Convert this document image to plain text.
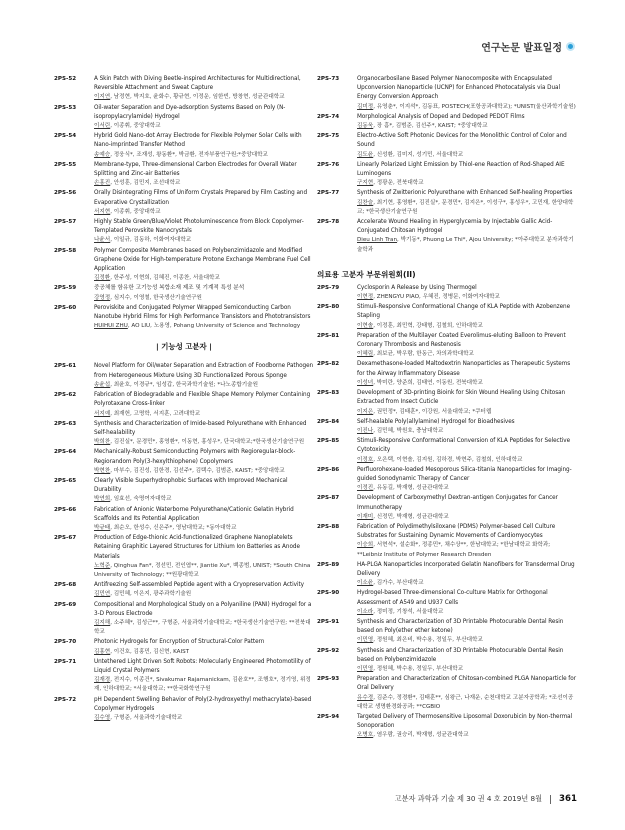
연구논문 발표일정
2PS-52	A Skin Patch with Diving Beetle-inspired Architectures for Multidirectional, Reversible Attachment and Sweat Capture
이지연, 남정현, 박지호, 윤화수, 황규현, 이정운, 임한빈, 방창현, 성균관대학교
2PS-53	Oil-water Separation and Dye-adsorption Systems Based on Poly (N-isopropylacrylamide) Hydrogel
이서린, 이종휘, 중앙대학교
2PS-54	Hybrid Gold Nano-dot Array Electrode for Flexible Polymer Solar Cells with Nano-imprinted Transfer Method
송예승, 정웅식*, 조재성, 왕동환*, 박금환, 전자부품연구원;*중앙대학교
2PS-55	Membrane-type, Three-dimensional Carbon Electrodes for Overall Water Splitting and Zinc-air Batteries
손홍진, 안성훈, 김민지, 조선대학교
2PS-56	Orally Disintegrating Films of Uniform Crystals Prepared by Film Casting and Evaporative Crystallization
서지현, 이종휘, 중앙대학교
2PS-57	Highly Stable Green/Blue/Violet Photoluminescence from Block Copolymer-Templated Perovskite Nanocrystals
나윤서, 이일규, 김동하, 이화여자대학교
2PS-58	Polymer Composite Membranes based on Polybenzimidazole and Modified Graphene Oxide for High-temperature Protone Exchange Membrane Fuel Cell Application
김정환, 한주성, 이현희, 김혜진, 이종찬, 서울대학교
2PS-59	중공체를 함유한 고기능성 복합소재 제조 및 기계적 특성 분석
강영정, 심지수, 이영철, 한국생산기술연구원
2PS-60	Peroviskite and Conjugated Polymer Wrapped Semiconducting Carbon Nanotube Hybrid Films for High Performance Transistors and Phototransistors
HUIHUI ZHU, AO LIU, 노용영, Pohang University of Science and Technology
| 기능성 고분자 |
2PS-61	Novel Platform for Oil/water Separation and Extraction of Foodborne Pathogen from Heterogeneous Mixture Using 3D Functionalized Porous Sponge
송윤섭, 최윤호, 이경규*, 임성갑, 한국과학기술원; *나노종합기술원
2PS-62	Fabrication of Biodegradable and Flexible Shape Memory Polymer Containing Polyrotaxane Cross-linker
서지예, 최재헌, 고명학, 서지훈, 고려대학교
2PS-63	Synthesis and Characterization of Imide-based Polyurethane with Enhanced Self-healability
박희찬, 김진실*, 문경민*, 홍영환*, 이동현, 홍성우*, 단국대학교;*한국생산기술연구원
2PS-64	Mechanically-Robust Semiconducting Polymers with Regioregular-block-Regiorandom Poly(3-hexylthiophene) Copolymers
박현찬, 마부수, 김진성, 김한경, 김선주*, 김택수, 김범준, KAIST; *중앙대학교
2PS-65	Clearly Visible Superhydrophobic Surfaces with Improved Mechanical Durability
박연희, 임효선, 숙명여자대학교
2PS-66	Fabrication of Anionic Waterborne Polyurethane/Cationic Gelatin Hybrid Scaffolds and Its Potential Application
박규태, 최순오, 한성수, 신은주*, 영남대학교; *동아대학교
2PS-67	Production of Edge-thionic Acid-functionalized Graphene Nanoplatelets Retaining Graphitic Layered Structures for Lithium Ion Batteries as Anode Materials
노혁준, Qinghua Fan*, 정선민, 전인엽**, Jiantie Xu*, 백종범, UNIST; *South China University of Technology; **원광대학교
2PS-68	Antifreezing Self-assembled Peptide agent with a Cryopreservation Activity
김민연, 김민혜, 이은지, 광주과학기술원
2PS-69	Compositional and Morphological Study on a Polyaniline (PANI) Hydrogel for a 3-D Porous Electrode
김지해, 소주혜*, 김성근**, 구형준, 서울과학기술대학교; *한국생산기술연구원; **전북대학교
2PS-70	Photonic Hydrogels for Encryption of Structural-Color Pattern
김홍현, 이건호, 김홍민, 김신현, KAIST
2PS-71	Untethered Light Driven Soft Robots: Molecularly Engineered Photomotility of Liquid Crystal Polymers
김재경, 전지수, 이종건*, Sivakumar Rajamanickam, 김윤호**, 조행호*, 정기영, 위정재, 인하대학교; *서울대학교; **한국화학연구원
2PS-72	pH Dependent Swelling Behavior of Poly(2-hydroxyethyl methacrylate)-based Copolymer Hydrogels
김수영, 구형준, 서울과학기술대학교
2PS-73	Organocarbosilane Based Polymer Nanocomposite with Encapsulated Upconversion Nanoparticle (UCNP) for Enhanced Photocatalysis via Dual Energy Conversion Approach
김미정, 유영춘*, 이지석*, 김동표, POSTECH(포항공과대학교); *UNIST(울산과학기술원)
2PS-74	Morphological Analysis of Doped and Dedoped PEDOT Films
김동욱, 장 흠*, 김범준, 김선주*, KAIST; *중앙대학교
2PS-75	Electro-Active Soft Photonic Devices for the Monolithic Control of Color and Sound
김도윤, 신성환, 김미지, 성기민, 서울대학교
2PS-76	Linearly Polarized Light Emission by Thiol-ene Reaction of Rod-Shaped AIE Luminogens
구지현, 정광운, 전북대학교
2PS-77	Synthesis of Zwitterionic Polyurethane with Enhanced Self-healing Properties
김찬슬, 최기현, 홍영환*, 김진실*, 문경민*, 김지은*, 이성구*, 홍성우*, 고민재, 한양대학교; *한국생산기술연구원
2PS-78	Accelerate Wound Healing in Hyperglycemia by Injectable Gallic Acid-Conjugated Chitosan Hydrogel
Dieu Linh Tran, 박기동*, Phuong Le Thi*, Ajou University; *아주대학교 분자과학기술학과
의료용 고분자 부문위원회(II)
2PS-79	Cyclosporin A Release by Using Thermogel
이현정, ZHENGYU PIAO, 우혜진, 정병문, 이화여자대학교
2PS-80	Stimuli-Responsive Conformational Change of KLA Peptide with Azobenzene Stapling
이현솔, 이정훈, 최민혁, 강태형, 김철희, 인하대학교
2PS-81	Preparation of the Multilayer Coated Everolimus-eluting Balloon to Prevent Coronary Thrombosis and Restenosis
이혜림, 최보균, 박우람, 한동근, 차의과학대학교
2PS-82	Dexamethasone-loaded Maltodextrin Nanoparticles as Therapeutic Systems for the Airway Inflammatory Disease
이성녀, 박미란, 양준희, 김태연, 이동원, 전북대학교
2PS-83	Development of 3D-printing Bioink for Skin Wound Healing Using Chitosan Extracted from Insect Cuticle
이지은, 권민정*, 김태훈*, 이강원, 서울대학교; *쿠터웹
2PS-84	Self-healable Poly(allylamine) Hydrogel for Bioadhesives
이진나, 김민혜, 박원호, 충남대학교
2PS-85	Stimuli-Responsive Conformational Conversion of KLA Peptides for Selective Cytotoxicity
이정호, 오은택, 이현솔, 김지원, 김하경, 박현주, 김철희, 인하대학교
2PS-86	Perfluorohexane-loaded Mesoporous Silica-titania Nanoparticles for Imaging-guided Sonodynamic Therapy of Cancer
이정진, 유동길, 박재형, 성균관대학교
2PS-87	Development of Carboxymethyl Dextran-antigen Conjugates for Cancer Immunotherapy
이재미, 신정민, 박재형, 성균관대학교
2PS-88	Fabrication of Polydimethylsiloxane (PDMS) Polymer-based Cell Culture Substrates for Sustaining Dynamic Movements of Cardiomyocytes
이승희, 서현석*, 설순화*, 정종민*, 채수상**, 한남대학교; *한남대학교 화학과; **Leibniz Institute of Polymer Research Dresden
2PS-89	HA-PLGA Nanoparticles Incorporated Gelatin Nanofibers for Transdermal Drug Delivery
이소윤, 김가수, 부산대학교
2PS-90	Hydrogel-based Three-dimensional Co-culture Matrix for Orthogonal Assessment of A549 and U937 Cells
이소라, 정미정, 기창석, 서울대학교
2PS-91	Synthesis and Characterization of 3D Printable Photocurable Dental Resin based on Poly(ether ether ketone)
이민영, 정원혜, 최은비, 박수용, 정일두, 부산대학교
2PS-92	Synthesis and Characterization of 3D Printable Photocurable Dental Resin based on Polybenzimidazole
이민영, 정원혜, 박수용, 정일두, 부산대학교
2PS-93	Preparation and Characterization of Chitosan-combined PLGA Nanoparticle for Oral Delivery
유수경, 김준수, 정경환*, 김태훈**, 심왕근, 나재운, 순천대학교 고분자공학과; *조선이공대학교 생명환경화공과; **CGBIO
2PS-94	Targeted Delivery of Thermosensitive Liposomal Doxorubicin by Non-thermal Sonoporation
오병호, 염우람, 권승리, 박재형, 성균관대학교
고분자 과학과 기술 제 30 권 4 호 2019년 8월 361
